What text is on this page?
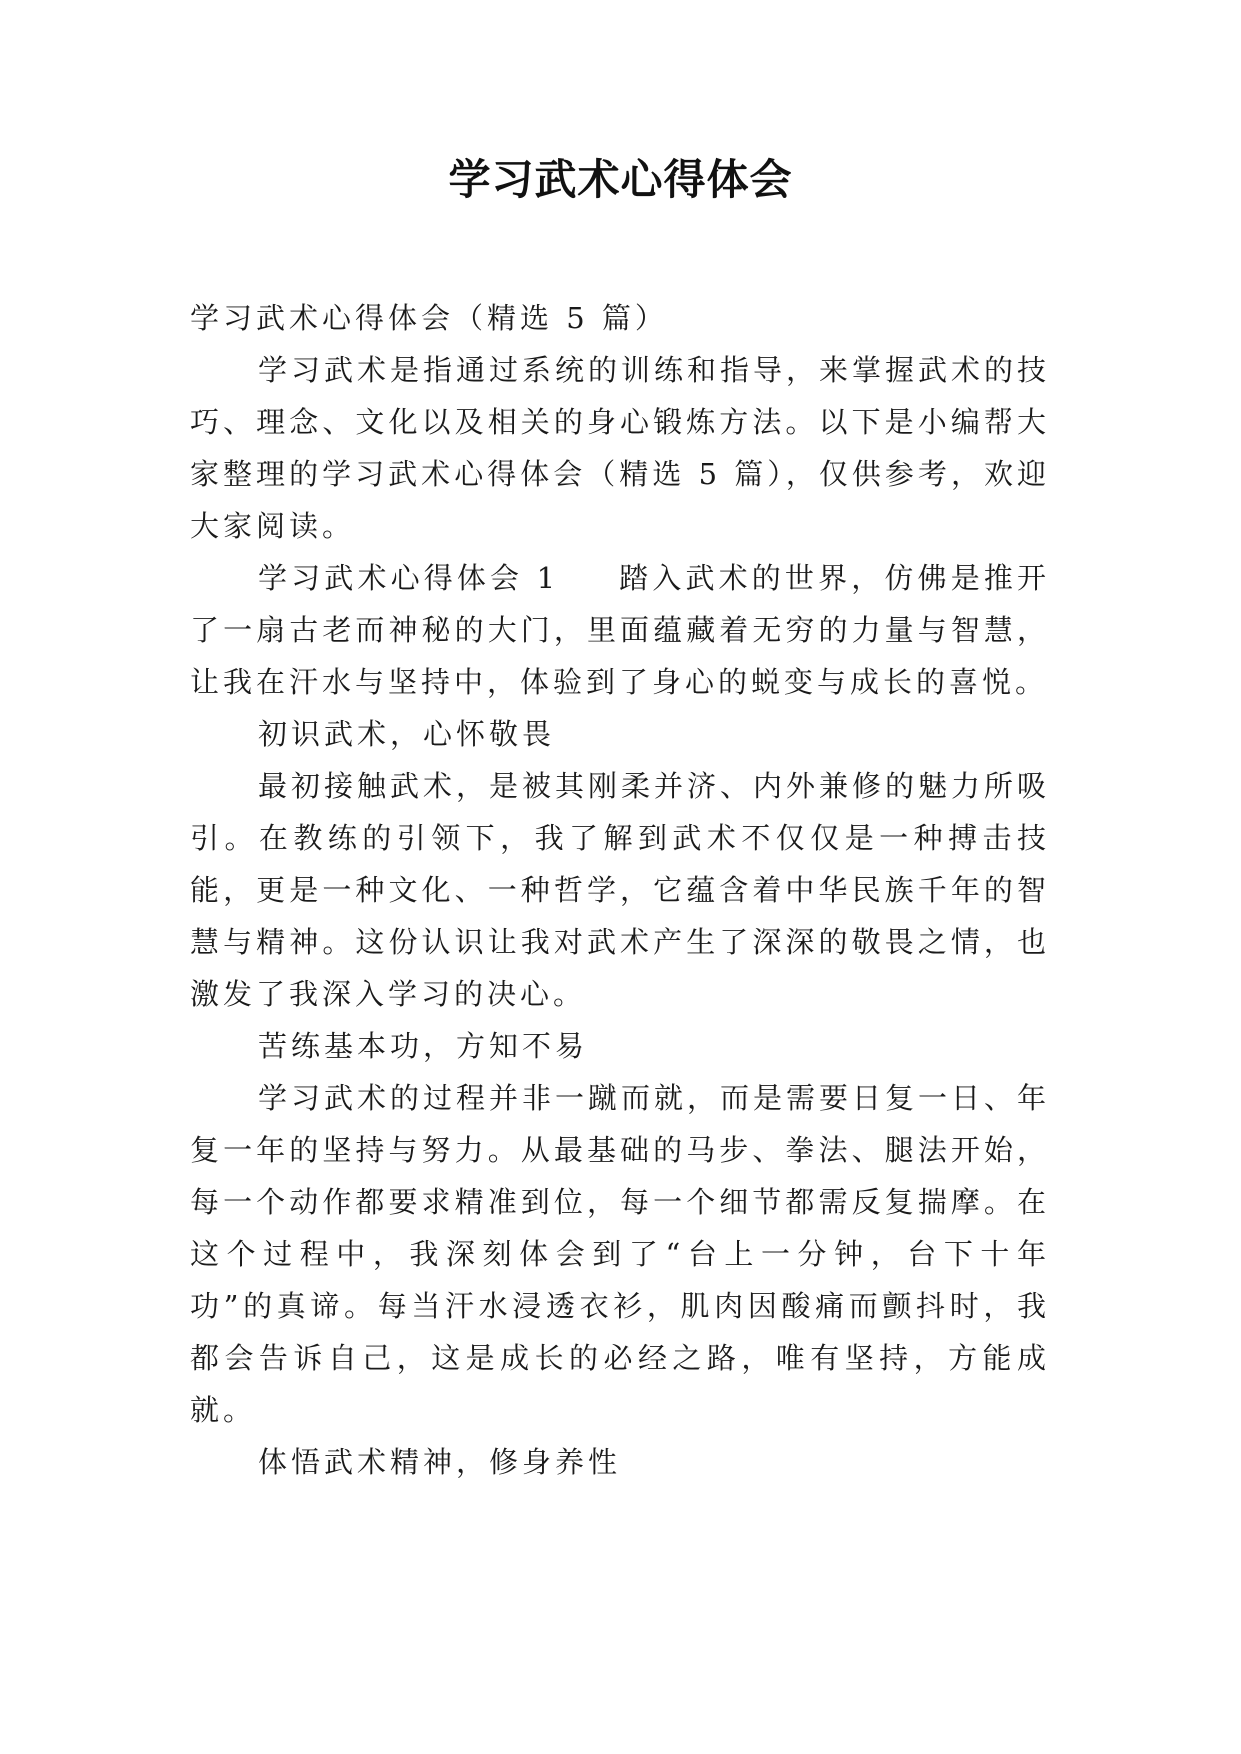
学习武术心得体会

学习武术心得体会（精选 5 篇）

学习武术是指通过系统的训练和指导，来掌握武术的技巧、理念、文化以及相关的身心锻炼方法。以下是小编帮大家整理的学习武术心得体会（精选 5 篇），仅供参考，欢迎大家阅读。

学习武术心得体会 1 踏入武术的世界，仿佛是推开了一扇古老而神秘的大门，里面蕴藏着无穷的力量与智慧，让我在汗水与坚持中，体验到了身心的蜕变与成长的喜悦。

初识武术，心怀敬畏

最初接触武术，是被其刚柔并济、内外兼修的魅力所吸引。在教练的引领下，我了解到武术不仅仅是一种搏击技能，更是一种文化、一种哲学，它蕴含着中华民族千年的智慧与精神。这份认识让我对武术产生了深深的敬畏之情，也激发了我深入学习的决心。

苦练基本功，方知不易

学习武术的过程并非一蹴而就，而是需要日复一日、年复一年的坚持与努力。从最基础的马步、拳法、腿法开始，每一个动作都要求精准到位，每一个细节都需反复揣摩。在这个过程中，我深刻体会到了“台上一分钟，台下十年功”的真谛。每当汗水浸透衣衫，肌肉因酸痛而颤抖时，我都会告诉自己，这是成长的必经之路，唯有坚持，方能成就。

体悟武术精神，修身养性
